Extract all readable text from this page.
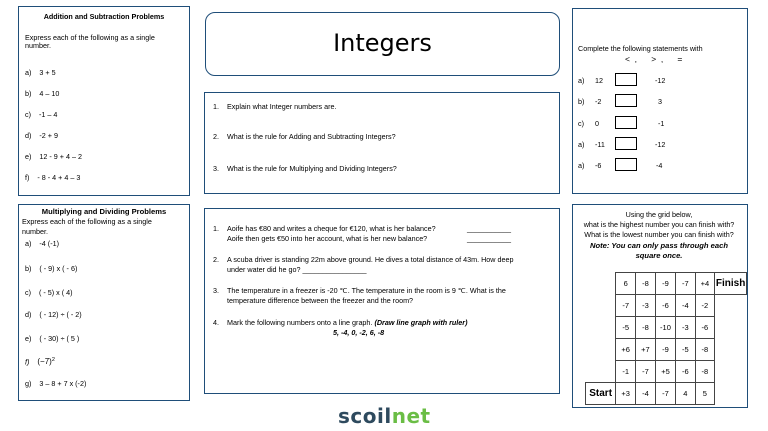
Integers
Addition and Subtraction Problems
Express each of the following as a single number.
a) 3 + 5
b) 4 – 10
c) -1 – 4
d) -2 + 9
e) 12 - 9 + 4 – 2
f) - 8 - 4 + 4 – 3
Multiplying and Dividing Problems
Express each of the following as a single
number.
a) -4 (-1)
b) ( - 9) x ( - 6)
c) ( - 5) x ( 4)
d) ( - 12) ÷ ( - 2)
e) ( - 30) ÷ ( 5 )
f) $(-7)^2$
g) 3 – 8 + 7 x (-2)
1. Explain what Integer numbers are.
2. What is the rule for Adding and Subtracting Integers?
3. What is the rule for Multiplying and Dividing Integers?
Complete the following statements with
<  ,      >  ,      =
a) 12	-12
b) -2	3
c) 0	-1
a) -11	-12
a) -6	-4
1. Aoife has €80 and writes a cheque for €120, what is her balance?	___________
Aoife then gets €50 into her account, what is her new balance?	___________
2. A scuba driver is standing 22m above ground. He dives a total distance of 43m. How deep
under water did he go? ________________
3. The temperature in a freezer is -20 ℃. The temperature in the room is 9 ℃. What is the
temperature difference between the freezer and the room?
4. Mark the following numbers onto a line graph. (Draw line graph with ruler)
5, -4, 0, -2, 6, -8
Using the grid below,
what is the highest number you can finish with?
What is the lowest number you can finish with?
Note: You can only pass through each
square once.
	6	-8	-9	-7	+4	Finish
	-7	-3	-6	-4	-2	
	-5	-8	-10	-3	-6	
	+6	+7	-9	-5	-8	
	-1	-7	+5	-6	-8	
Start	+3	-4	-7	4	5	
scoilnet
